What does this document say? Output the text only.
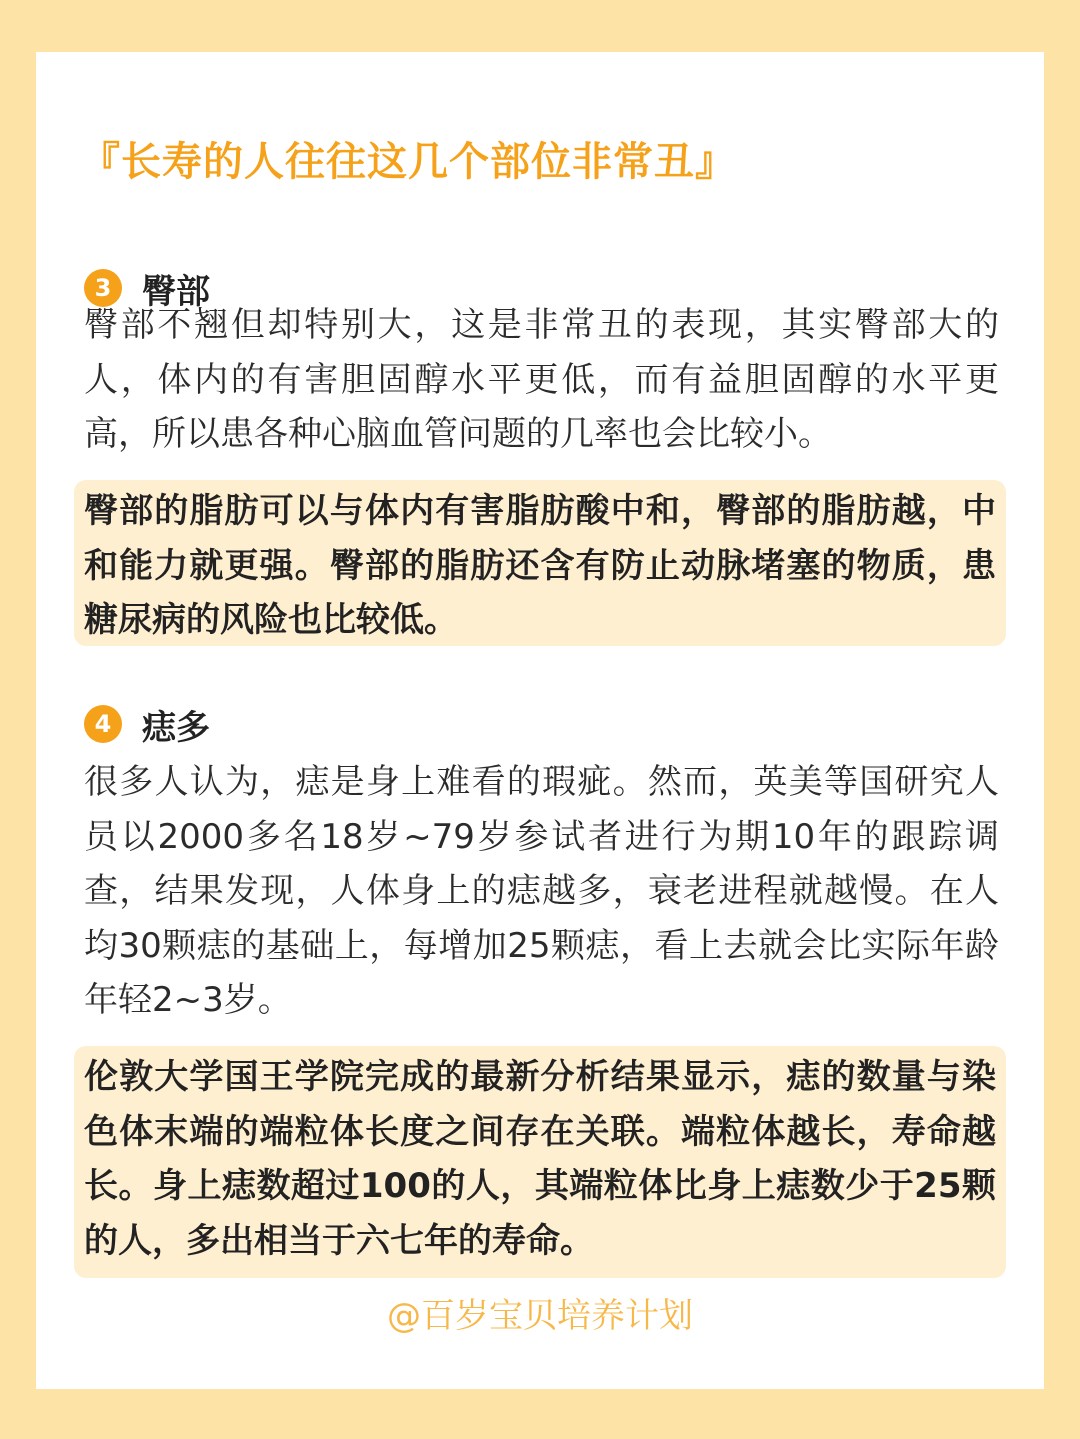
『长寿的人往往这几个部位非常丑』
3 臀部
臀部不翘但却特别大，这是非常丑的表现，其实臀部大的人，体内的有害胆固醇水平更低，而有益胆固醇的水平更高，所以患各种心脑血管问题的几率也会比较小。

臀部的脂肪可以与体内有害脂肪酸中和，臀部的脂肪越，中和能力就更强。臀部的脂肪还含有防止动脉堵塞的物质，患糖尿病的风险也比较低。

4 痣多
很多人认为，痣是身上难看的瑕疵。然而，英美等国研究人员以2000多名18岁~79岁参试者进行为期10年的跟踪调查，结果发现，人体身上的痣越多，衰老进程就越慢。在人均30颗痣的基础上，每增加25颗痣，看上去就会比实际年龄年轻2~3岁。

伦敦大学国王学院完成的最新分析结果显示，痣的数量与染色体末端的端粒体长度之间存在关联。端粒体越长，寿命越长。身上痣数超过100的人，其端粒体比身上痣数少于25颗的人，多出相当于六七年的寿命。

@百岁宝贝培养计划
